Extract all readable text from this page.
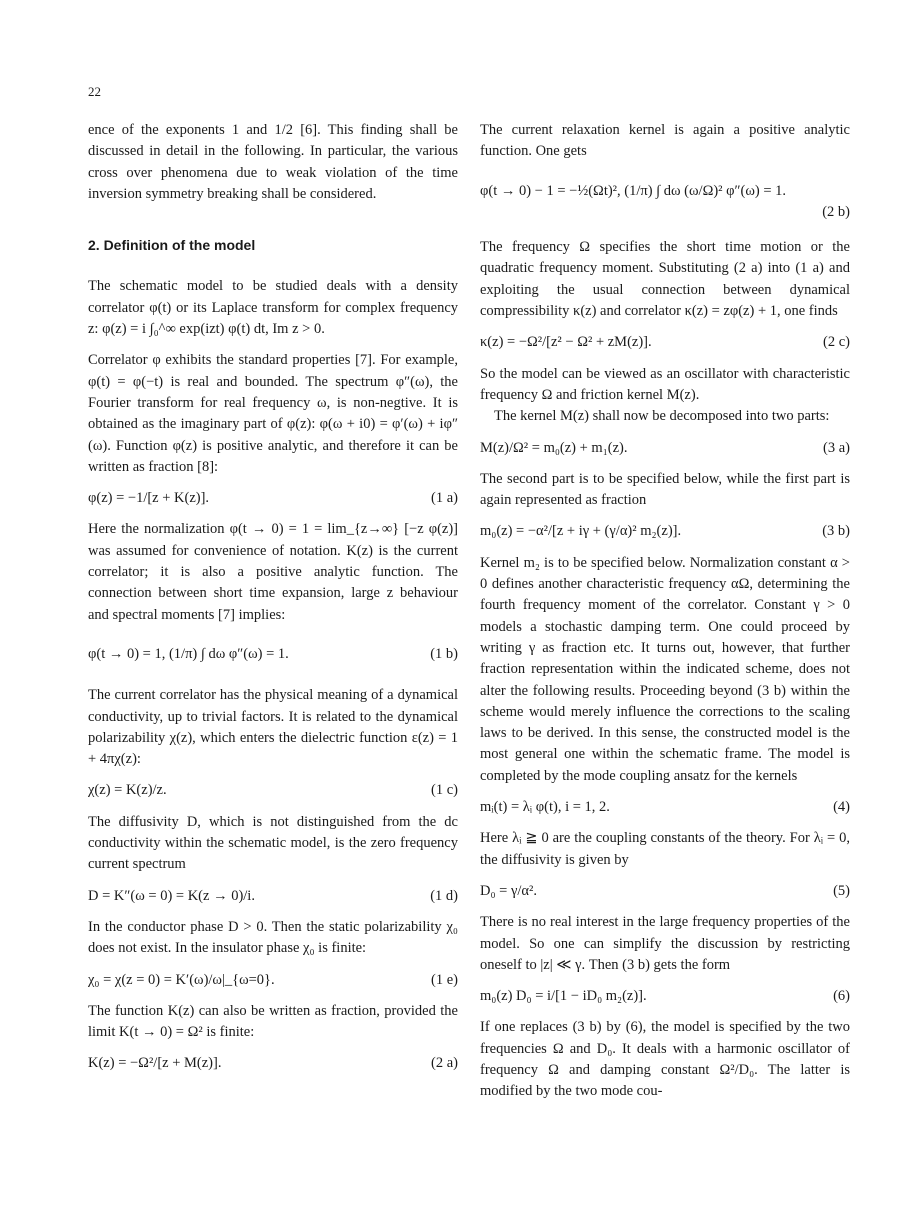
22

ence of the exponents 1 and 1/2 [6]. This finding shall be discussed in detail in the following. In particular, the various cross over phenomena due to weak violation of the time inversion symmetry breaking shall be considered.

2. Definition of the model

The schematic model to be studied deals with a density correlator φ(t) or its Laplace transform for complex frequency z: φ(z) = i ∫₀^∞ exp(izt) φ(t) dt, Im z > 0.

Correlator φ exhibits the standard properties [7]. For example, φ(t) = φ(−t) is real and bounded. The spectrum φ″(ω), the Fourier transform for real frequency ω, is non-negtive. It is obtained as the imaginary part of φ(z): φ(ω + i0) = φ′(ω) + iφ″(ω). Function φ(z) is positive analytic, and therefore it can be written as fraction [8]:

φ(z) = −1/[z + K(z)].	(1 a)

Here the normalization φ(t → 0) = 1 = lim_{z→∞} [−z φ(z)] was assumed for convenience of notation. K(z) is the current correlator; it is also a positive analytic function. The connection between short time expansion, large z behaviour and spectral moments [7] implies:

φ(t → 0) = 1, (1/π) ∫ dω φ″(ω) = 1.	(1 b)

The current correlator has the physical meaning of a dynamical conductivity, up to trivial factors. It is related to the dynamical polarizability χ(z), which enters the dielectric function ε(z) = 1 + 4πχ(z):

χ(z) = K(z)/z.	(1 c)

The diffusivity D, which is not distinguished from the dc conductivity within the schematic model, is the zero frequency current spectrum

D = K″(ω = 0) = K(z → 0)/i.	(1 d)

In the conductor phase D > 0. Then the static polarizability χ₀ does not exist. In the insulator phase χ₀ is finite:

χ₀ = χ(z = 0) = K′(ω)/ω|_{ω=0}.	(1 e)

The function K(z) can also be written as fraction, provided the limit K(t → 0) = Ω² is finite:

K(z) = −Ω²/[z + M(z)].	(2 a)

The current relaxation kernel is again a positive analytic function. One gets

φ(t → 0) − 1 = −½(Ωt)², (1/π) ∫ dω (ω/Ω)² φ″(ω) = 1.
(2 b)

The frequency Ω specifies the short time motion or the quadratic frequency moment. Substituting (2 a) into (1 a) and exploiting the usual connection between dynamical compressibility κ(z) and correlator κ(z) = zφ(z) + 1, one finds

κ(z) = −Ω²/[z² − Ω² + zM(z)].	(2 c)

So the model can be viewed as an oscillator with characteristic frequency Ω and friction kernel M(z).

The kernel M(z) shall now be decomposed into two parts:

M(z)/Ω² = m₀(z) + m₁(z).	(3 a)

The second part is to be specified below, while the first part is again represented as fraction

m₀(z) = −α²/[z + iγ + (γ/α)² m₂(z)].	(3 b)

Kernel m₂ is to be specified below. Normalization constant α > 0 defines another characteristic frequency αΩ, determining the fourth frequency moment of the correlator. Constant γ > 0 models a stochastic damping term. One could proceed by writing γ as fraction etc. It turns out, however, that further fraction representation within the indicated scheme, does not alter the following results. Proceeding beyond (3 b) within the scheme would merely influence the corrections to the scaling laws to be derived. In this sense, the constructed model is the most general one within the schematic frame. The model is completed by the mode coupling ansatz for the kernels

mᵢ(t) = λᵢ φ(t), i = 1, 2.	(4)

Here λᵢ ≧ 0 are the coupling constants of the theory. For λᵢ = 0, the diffusivity is given by

D₀ = γ/α².	(5)

There is no real interest in the large frequency properties of the model. So one can simplify the discussion by restricting oneself to |z| ≪ γ. Then (3 b) gets the form

m₀(z) D₀ = i/[1 − iD₀ m₂(z)].	(6)

If one replaces (3 b) by (6), the model is specified by the two frequencies Ω and D₀. It deals with a harmonic oscillator of frequency Ω and damping constant Ω²/D₀. The latter is modified by the two mode cou-
